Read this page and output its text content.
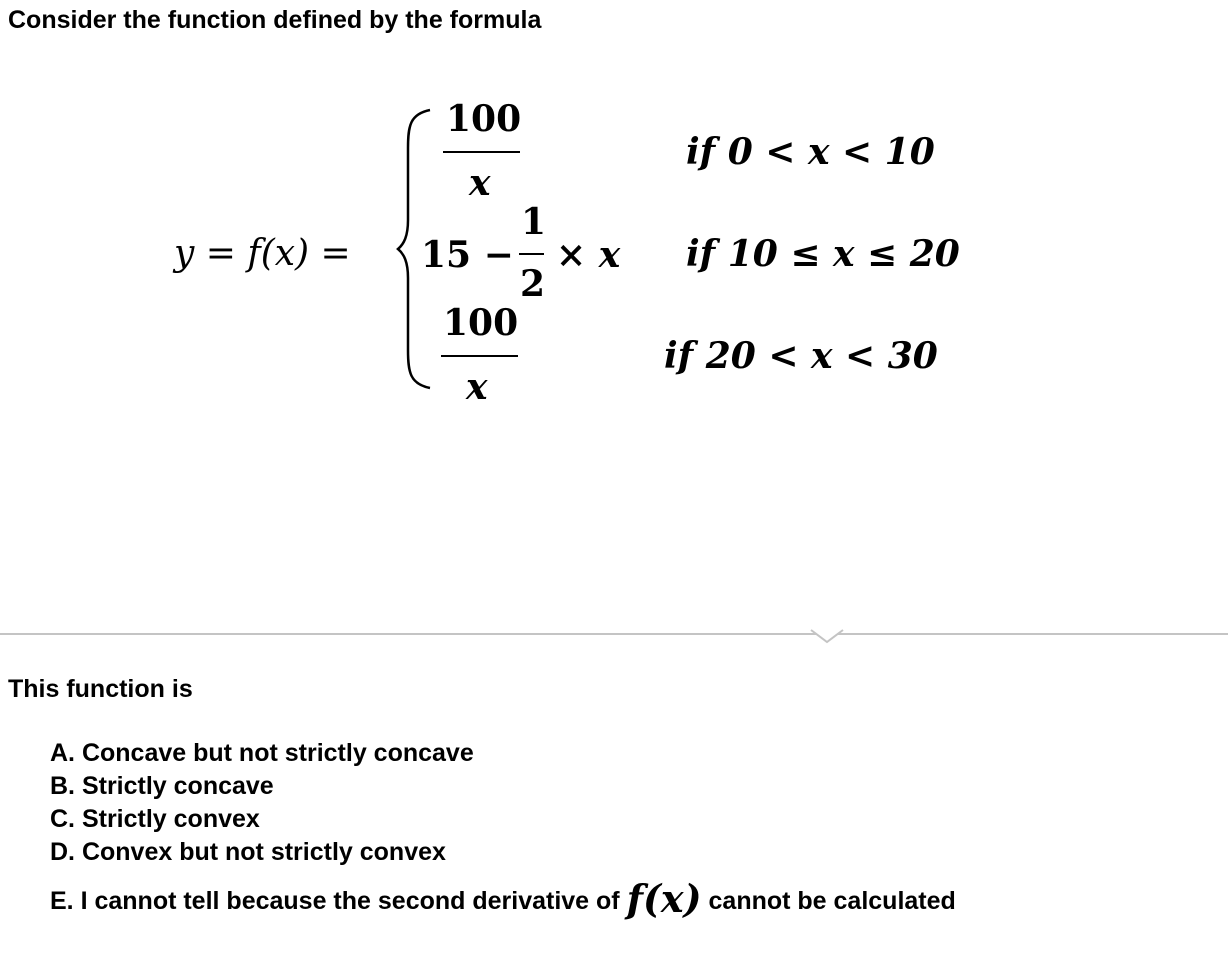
Consider the function defined by the formula
y = f(x) =
100
x
if 0 < x < 10
15 −
1
2
× x if 10 ≤ x ≤ 20
100
x
if 20 < x < 30
This function is
A. Concave but not strictly concave
B. Strictly concave
C. Strictly convex
D. Convex but not strictly convex
E. I cannot tell because the second derivative of f(x) cannot be calculated
